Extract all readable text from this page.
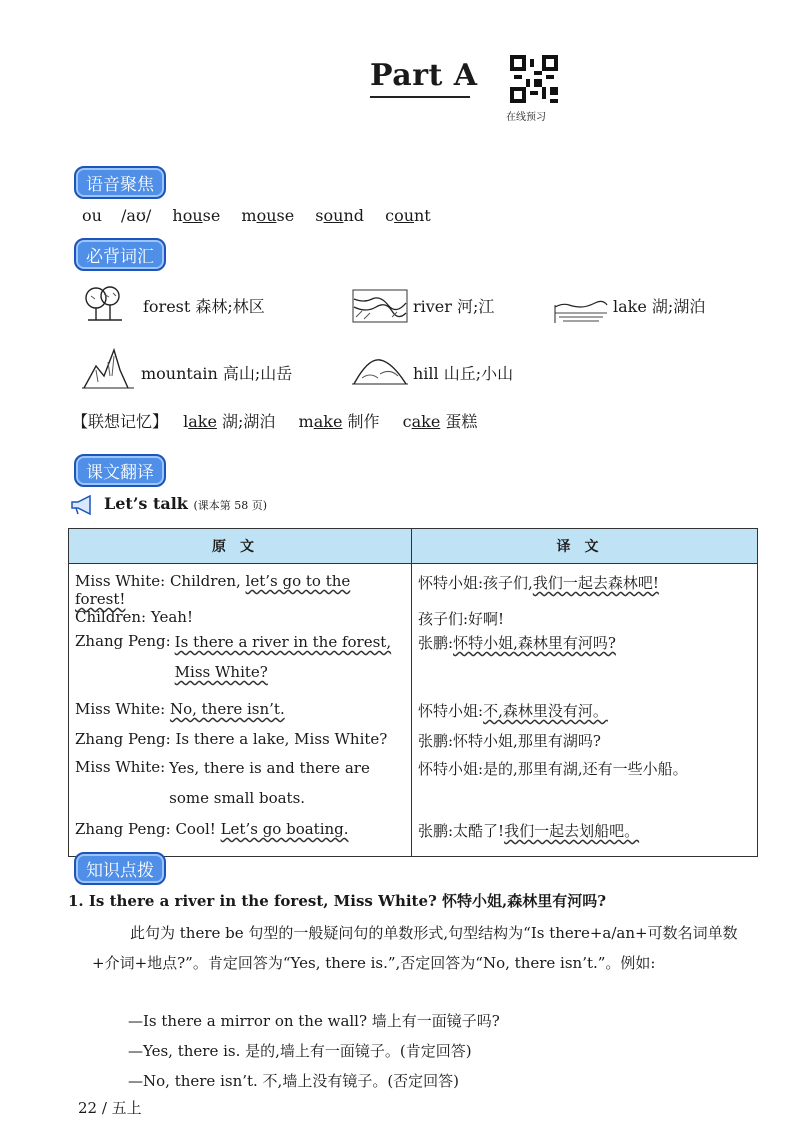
Part A
在线预习
语音聚焦
ou /aʊ/ house mouse sound count
必背词汇
forest 森林;林区	river 河;江	lake 湖;湖泊
mountain 高山;山岳	hill 山丘;小山
【联想记忆】 lake 湖;湖泊 make 制作 cake 蛋糕
课文翻译
Let’s talk (课本第 58 页)
原文	译文
Miss White: Children, let’s go to the forest!	怀特小姐:孩子们,我们一起去森林吧!
Children: Yeah!	孩子们:好啊!

Zhang Peng: Is there a river in the forest, Miss White?	张鹏:怀特小姐,森林里有河吗?
Miss White: No, there isn’t.	怀特小姐:不,森林里没有河。
Zhang Peng: Is there a lake, Miss White?	张鹏:怀特小姐,那里有湖吗?

Miss White: Yes, there is and there are some small boats.	怀特小姐:是的,那里有湖,还有一些小船。
Zhang Peng: Cool! Let’s go boating.	张鹏:太酷了!我们一起去划船吧。
知识点拨
1. Is there a river in the forest, Miss White? 怀特小姐,森林里有河吗?
此句为 there be 句型的一般疑问句的单数形式,句型结构为“Is there+a/an+可数名词单数+介词+地点?”。肯定回答为“Yes, there is.”,否定回答为“No, there isn’t.”。例如:
—Is there a mirror on the wall? 墙上有一面镜子吗?
—Yes, there is. 是的,墙上有一面镜子。(肯定回答)
—No, there isn’t. 不,墙上没有镜子。(否定回答)
22 / 五上
